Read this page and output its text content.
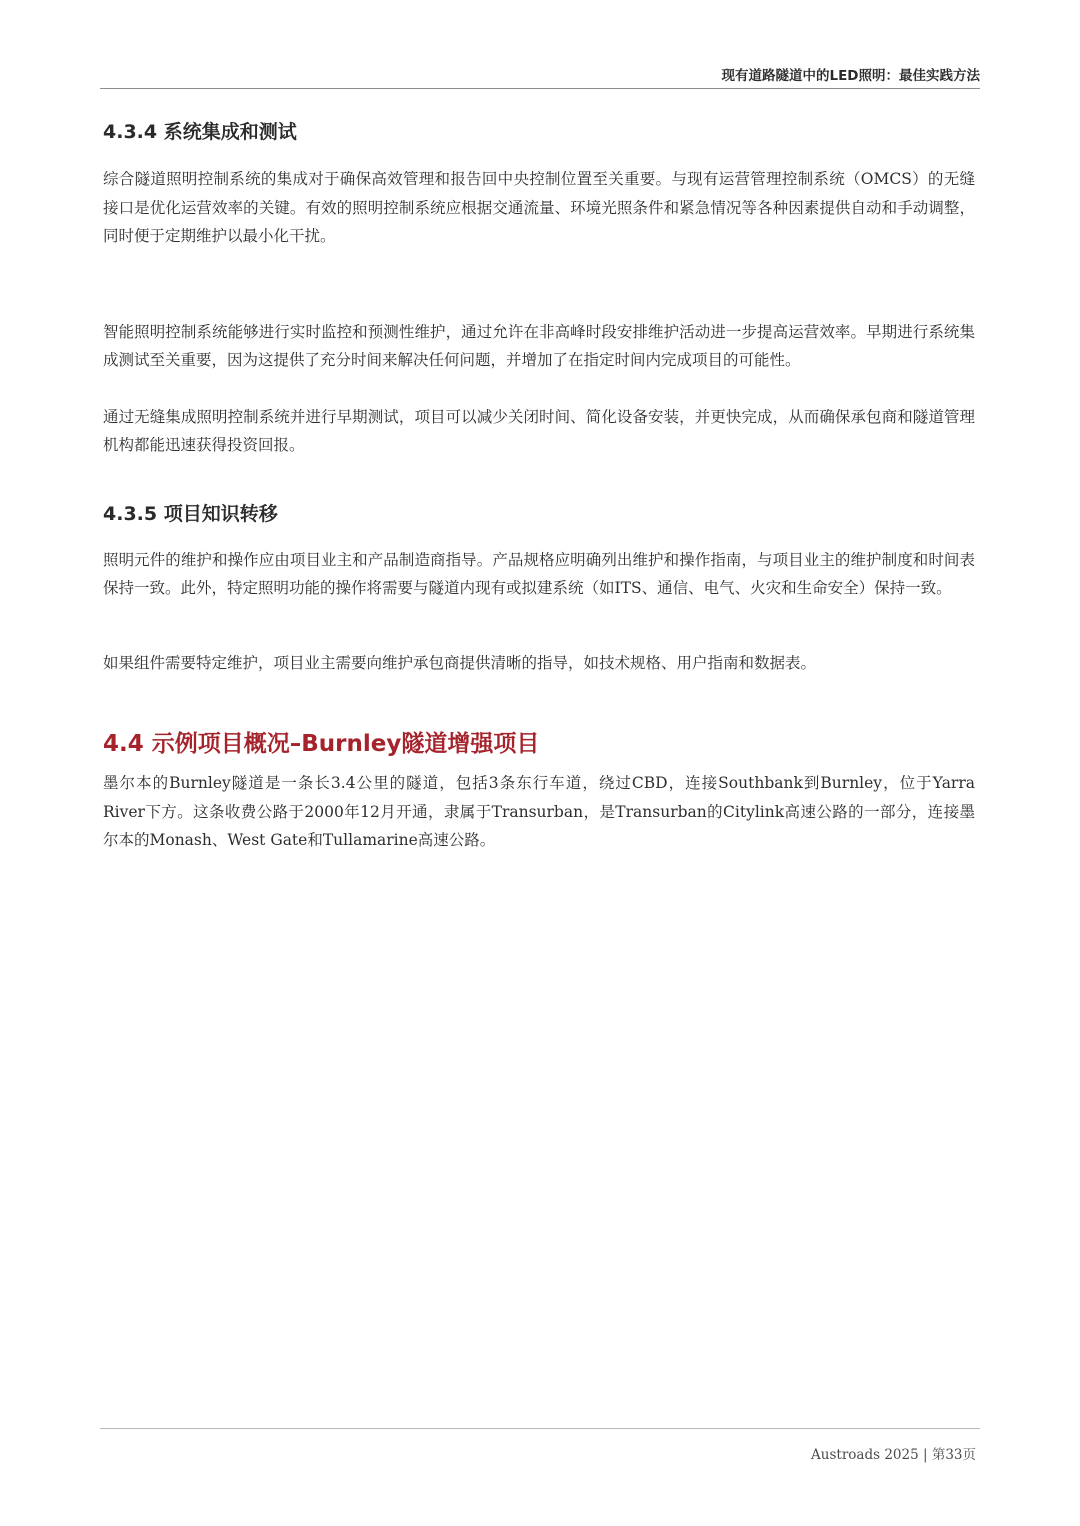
现有道路隧道中的LED照明：最佳实践方法
4.3.4 系统集成和测试

综合隧道照明控制系统的集成对于确保高效管理和报告回中央控制位置至关重要。与现有运营管理控制系统（OMCS）的无缝接口是优化运营效率的关键。有效的照明控制系统应根据交通流量、环境光照条件和紧急情况等各种因素提供自动和手动调整，同时便于定期维护以最小化干扰。

智能照明控制系统能够进行实时监控和预测性维护，通过允许在非高峰时段安排维护活动进一步提高运营效率。早期进行系统集成测试至关重要，因为这提供了充分时间来解决任何问题，并增加了在指定时间内完成项目的可能性。

通过无缝集成照明控制系统并进行早期测试，项目可以减少关闭时间、简化设备安装，并更快完成，从而确保承包商和隧道管理机构都能迅速获得投资回报。

4.3.5 项目知识转移

照明元件的维护和操作应由项目业主和产品制造商指导。产品规格应明确列出维护和操作指南，与项目业主的维护制度和时间表保持一致。此外，特定照明功能的操作将需要与隧道内现有或拟建系统（如ITS、通信、电气、火灾和生命安全）保持一致。

如果组件需要特定维护，项目业主需要向维护承包商提供清晰的指导，如技术规格、用户指南和数据表。

4.4 示例项目概况–Burnley隧道增强项目

墨尔本的Burnley隧道是一条长3.4公里的隧道，包括3条东行车道，绕过CBD，连接Southbank到Burnley，位于Yarra River下方。这条收费公路于2000年12月开通，隶属于Transurban，是Transurban的Citylink高速公路的一部分，连接墨尔本的Monash、West Gate和Tullamarine高速公路。

Austroads 2025 | 第33页
